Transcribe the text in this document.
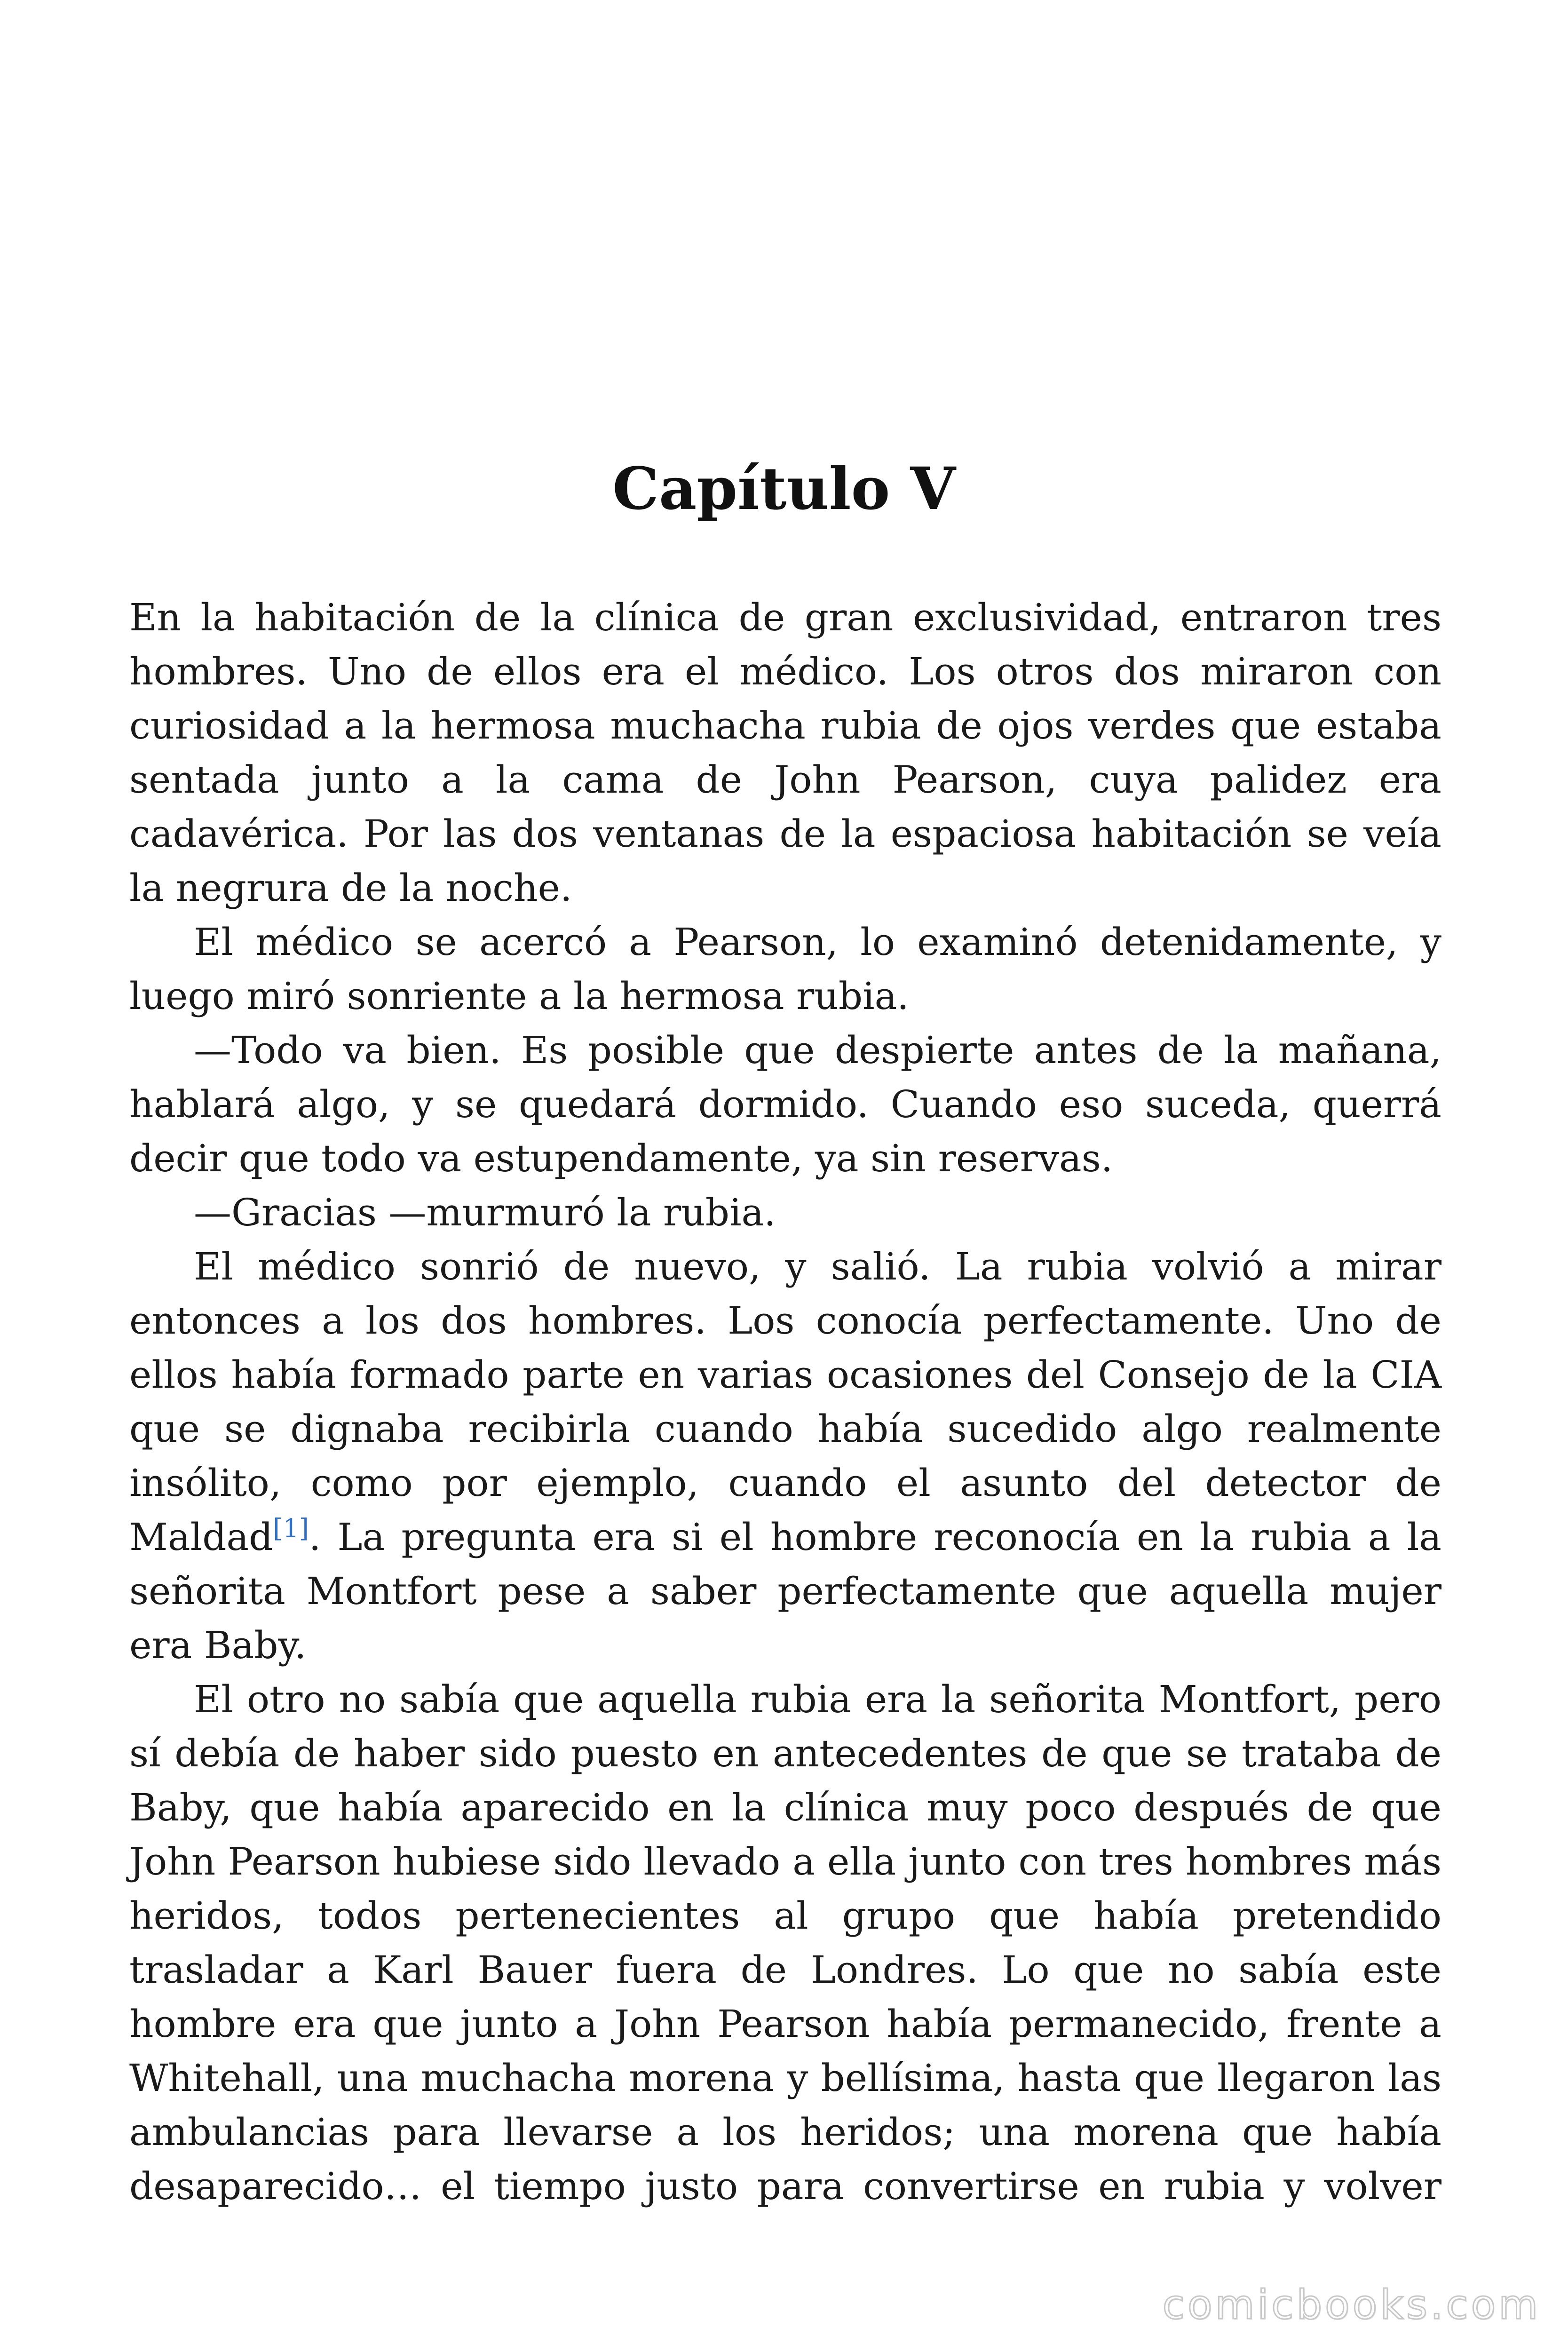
Capítulo V

En la habitación de la clínica de gran exclusividad, entraron tres hombres. Uno de ellos era el médico. Los otros dos miraron con curiosidad a la hermosa muchacha rubia de ojos verdes que estaba sentada junto a la cama de John Pearson, cuya palidez era cadavérica. Por las dos ventanas de la espaciosa habitación se veía la negrura de la noche.

El médico se acercó a Pearson, lo examinó detenidamente, y luego miró sonriente a la hermosa rubia.

—Todo va bien. Es posible que despierte antes de la mañana, hablará algo, y se quedará dormido. Cuando eso suceda, querrá decir que todo va estupendamente, ya sin reservas.

—Gracias —murmuró la rubia.

El médico sonrió de nuevo, y salió. La rubia volvió a mirar entonces a los dos hombres. Los conocía perfectamente. Uno de ellos había formado parte en varias ocasiones del Consejo de la CIA que se dignaba recibirla cuando había sucedido algo realmente insólito, como por ejemplo, cuando el asunto del detector de Maldad[1]. La pregunta era si el hombre reconocía en la rubia a la señorita Montfort pese a saber perfectamente que aquella mujer era Baby.

El otro no sabía que aquella rubia era la señorita Montfort, pero sí debía de haber sido puesto en antecedentes de que se trataba de Baby, que había aparecido en la clínica muy poco después de que John Pearson hubiese sido llevado a ella junto con tres hombres más heridos, todos pertenecientes al grupo que había pretendido trasladar a Karl Bauer fuera de Londres. Lo que no sabía este hombre era que junto a John Pearson había permanecido, frente a Whitehall, una muchacha morena y bellísima, hasta que llegaron las ambulancias para llevarse a los heridos; una morena que había desaparecido… el tiempo justo para convertirse en rubia y volver

comicbooks.com
